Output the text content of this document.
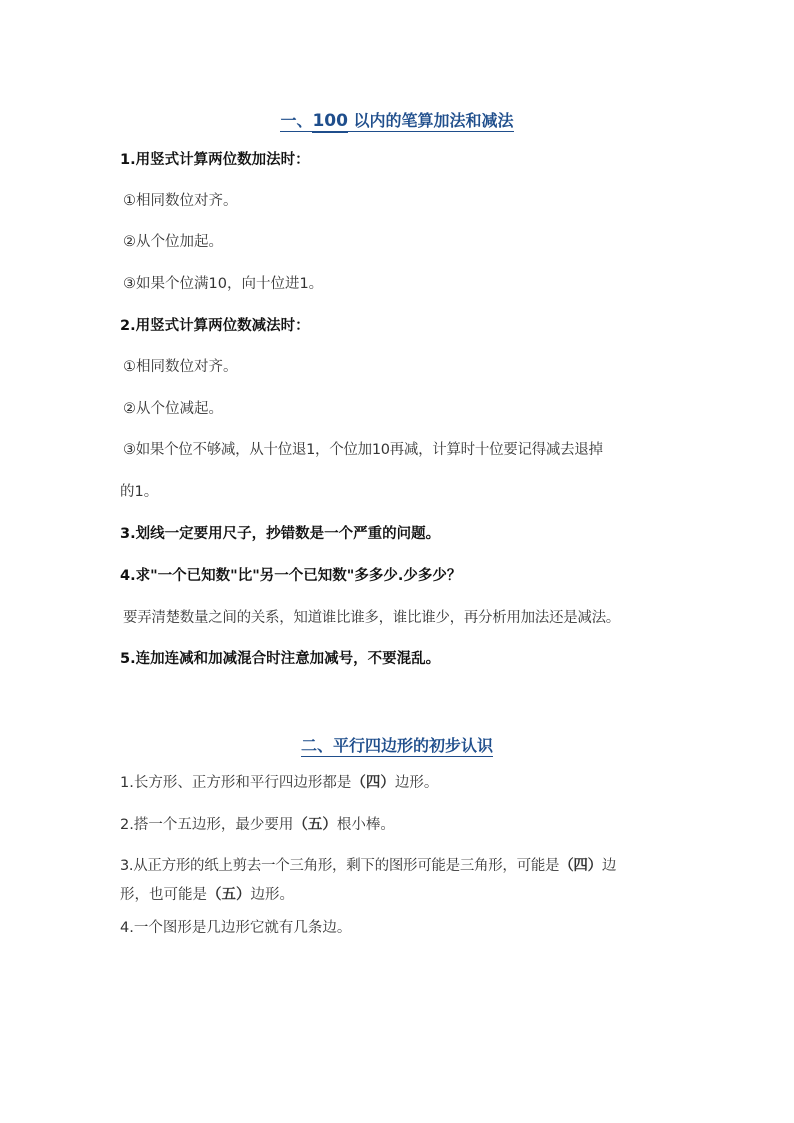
一、100 以内的笔算加法和减法
1.用竖式计算两位数加法时：
①相同数位对齐。
②从个位加起。
③如果个位满10，向十位进1。
2.用竖式计算两位数减法时：
①相同数位对齐。
②从个位减起。
③如果个位不够减，从十位退1，个位加10再减，计算时十位要记得减去退掉
的1。
3.划线一定要用尺子，抄错数是一个严重的问题。
4.求"一个已知数"比"另一个已知数"多多少.少多少？
要弄清楚数量之间的关系，知道谁比谁多，谁比谁少，再分析用加法还是减法。
5.连加连减和加减混合时注意加减号，不要混乱。
二、平行四边形的初步认识
1.长方形、正方形和平行四边形都是（四）边形。
2.搭一个五边形，最少要用（五）根小棒。
3.从正方形的纸上剪去一个三角形，剩下的图形可能是三角形，可能是（四）边
形，也可能是（五）边形。
4.一个图形是几边形它就有几条边。
